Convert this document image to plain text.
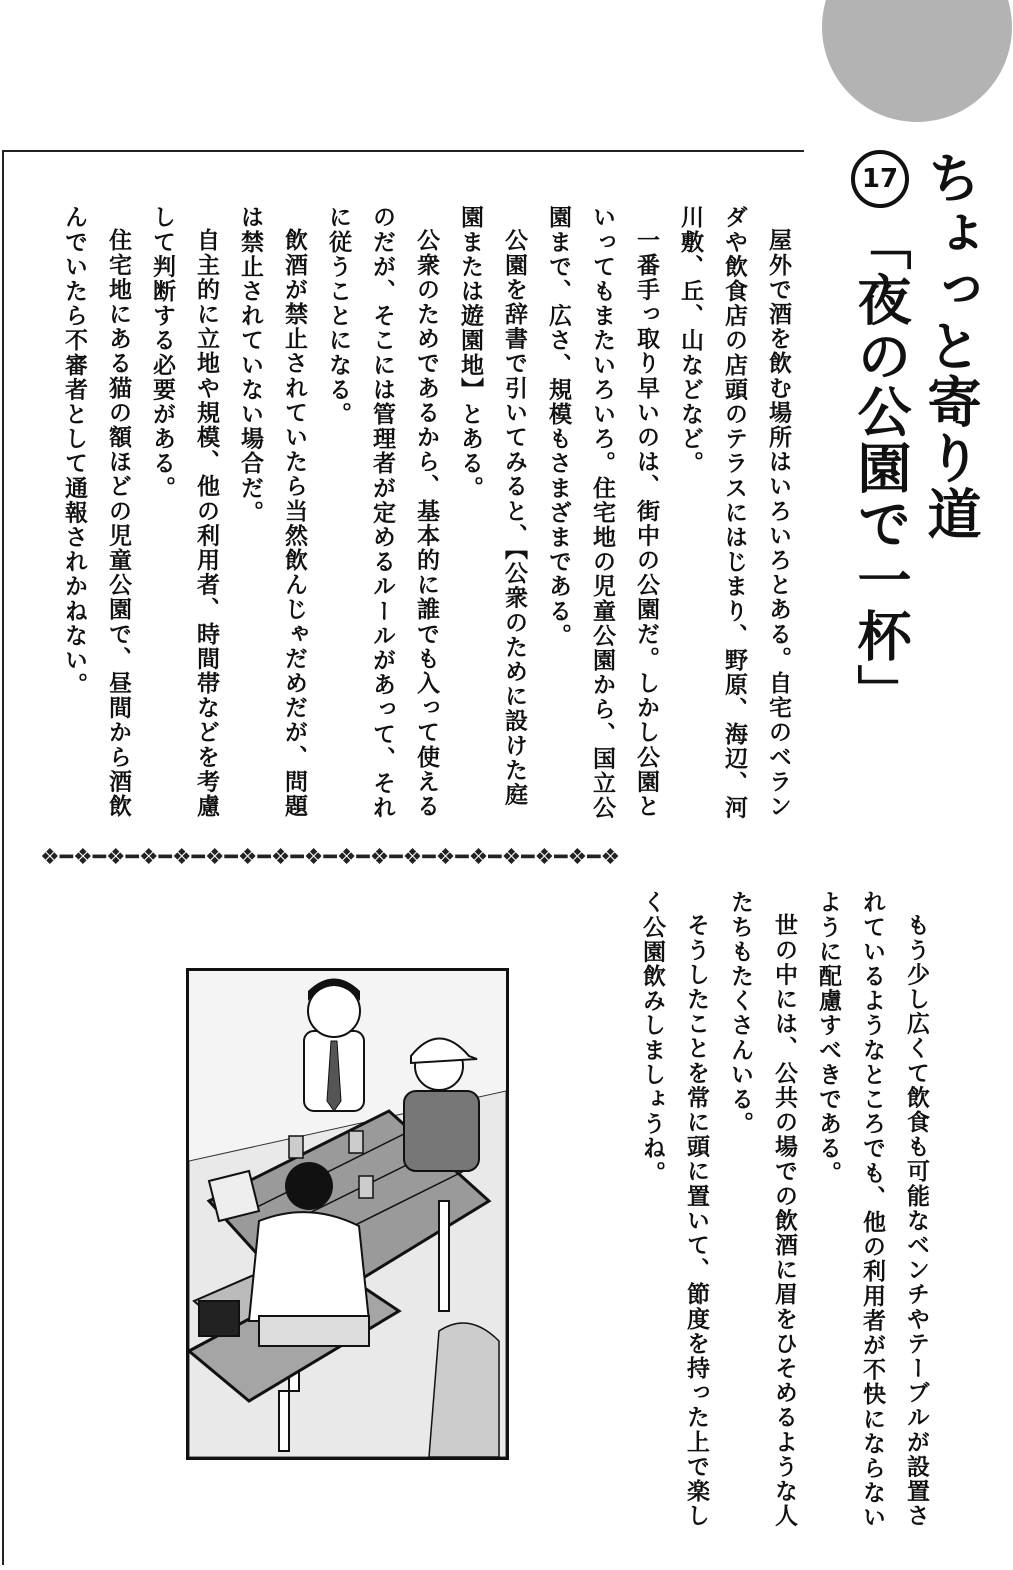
ちょっと寄り道
17「夜の公園で一杯」

屋外で酒を飲む場所はいろいろとある。自宅のベランダや飲食店の店頭のテラスにはじまり、野原、海辺、河川敷、丘、山などなど。

一番手っ取り早いのは、街中の公園だ。しかし公園といってもまたいろいろ。住宅地の児童公園から、国立公園まで、広さ、規模もさまざまである。

公園を辞書で引いてみると、【公衆のために設けた庭園または遊園地】とある。

公衆のためであるから、基本的に誰でも入って使えるのだが、そこには管理者が定めるルールがあって、それに従うことになる。

飲酒が禁止されていたら当然飲んじゃだめだが、問題は禁止されていない場合だ。

自主的に立地や規模、他の利用者、時間帯などを考慮して判断する必要がある。

住宅地にある猫の額ほどの児童公園で、昼間から酒飲んでいたら不審者として通報されかねない。

❖━❖━❖━❖━❖━❖━❖━❖━❖━❖━❖━❖━❖━❖━❖━❖━❖━❖

もう少し広くて飲食も可能なベンチやテーブルが設置されているようなところでも、他の利用者が不快にならないように配慮すべきである。

世の中には、公共の場での飲酒に眉をひそめるような人たちもたくさんいる。

そうしたことを常に頭に置いて、節度を持った上で楽しく公園飲みしましょうね。
